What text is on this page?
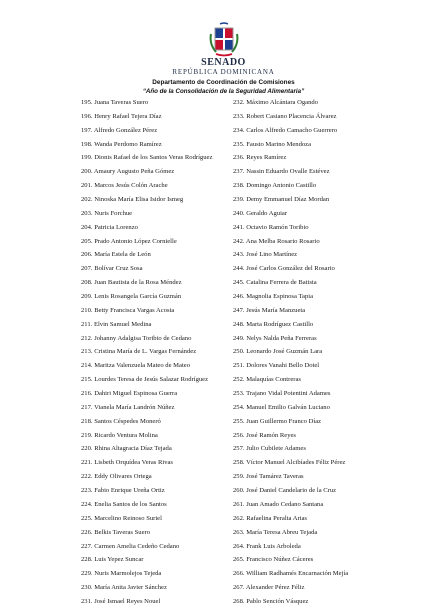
SENADO
REPÚBLICA DOMINICANA
Departamento de Coordinación de Comisiones
“Año de la Consolidación de la Seguridad Alimentaria”
195. Juana Taveras Suero
196. Henry Rafael Tejera Díaz
197. Alfredo González Pérez
198. Wanda Perdomo Ramírez
199. Dionis Rafael de los Santos Veras Rodríguez
200. Amaury Augusto Peña Gómez
201. Marcos Jesús Colón Arache
202. Ninoska María Elisa Isidor Ismeg
203. Nuris Forchue
204. Patricia Lorenzo
205. Prado Antonio López Cornielle
206. María Estela de León
207. Bolívar Cruz Sosa
208. Juan Bautista de la Rosa Méndez
209. Lenis Rosangela García Guzmán
210. Betty Francisca Vargas Acosta
211. Elvin Samuel Medina
212. Johanny Adalgisa Toribio de Cedano
213. Cristina María de L. Vargas Fernández
214. Maritza Valenzuela Mateo de Mateo
215. Lourdes Teresa de Jesús Salazar Rodríguez
216. Dahiri Miguel Espinosa Guerra
217. Vianela María Landrón Núñez
218. Santos Céspedes Moneró
219. Ricardo Ventura Molina
220. Rhina Altagracia Díaz Tejada
221. Lisbeth Orquídea Veras Rivas
222. Eddy Olivares Ortega
223. Fabio Enrique Ureña Ortiz
224. Enelia Santos de los Santos
225. Marcelino Reinoso Suriel
226. Belkis Taveras Suero
227. Carmen Amelia Cedeño Cedano
228. Luis Yepez Suncar
229. Nuris Marmolejos Tejeda
230. María Anita Javier Sánchez
231. José Ismael Reyes Nouel
232. Máximo Alcántara Ogando
233. Robert Casiano Placencia Álvarez
234. Carlos Alfredo Camacho Guerrero
235. Fausto Marino Mendoza
236. Reyes Ramírez
237. Nassin Eduardo Ovalle Estévez
238. Domingo Antonio Castillo
239. Demy Emmanuel Díaz Mordan
240. Geraldo Aguiar
241. Octavio Ramón Toribio
242. Ana Melba Rosario Rosario
243. José Lino Martínez
244. José Carlos González del Rosario
245. Catalina Ferrera de Batista
246. Magnolia Espinosa Tapia
247. Jesús María Manzueta
248. Marta Rodríguez Castillo
249. Nelys Nalda Peña Ferreras
250. Leonardo José Guzmán Lara
251. Dolores Vanahi Bello Dotel
252. Malaquías Contreras
253. Trajano Vidal Potentini Adames
254. Manuel Emilio Galván Luciano
255. Juan Guillermo Franco Díaz
256. José Ramón Reyes
257. Julio Cubilete Adames
258. Víctor Manuel Alcibíades Féliz Pérez
259. José Tamárez Taveras
260. José Daniel Candelario de la Cruz
261. Juan Amado Cedano Santana
262. Rafaelina Peralta Arias
263. María Teresa Abreu Tejada
264. Frank Luis Arboleda
265. Francisco Núñez Cáceres
266. William Radhamés Encarnación Mejía
267. Alexander Pérez Féliz
268. Pablo Sención Vásquez
